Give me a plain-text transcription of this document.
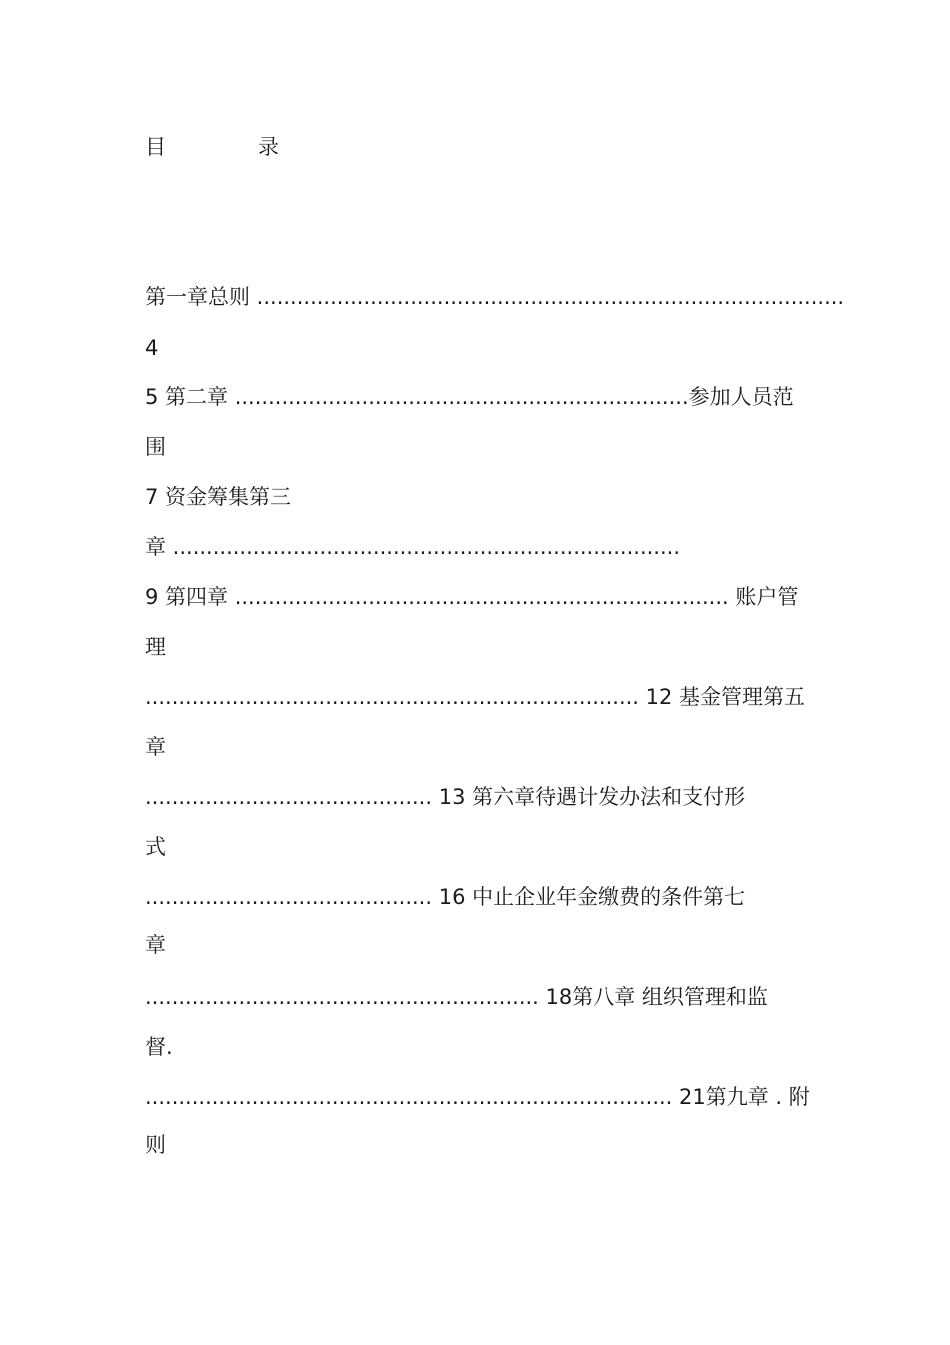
目	录
第一章总则 ........................................................................................
4
5 第二章 ....................................................................参加人员范
围
7 资金筹集第三
章 ............................................................................
9 第四章 .......................................................................... 账户管
理
.......................................................................... 12 基金管理第五
章
........................................... 13 第六章待遇计发办法和支付形
式
........................................... 16 中止企业年金缴费的条件第七
章
........................................................... 18第八章 组织管理和监
督.
............................................................................... 21第九章 . 附
则
